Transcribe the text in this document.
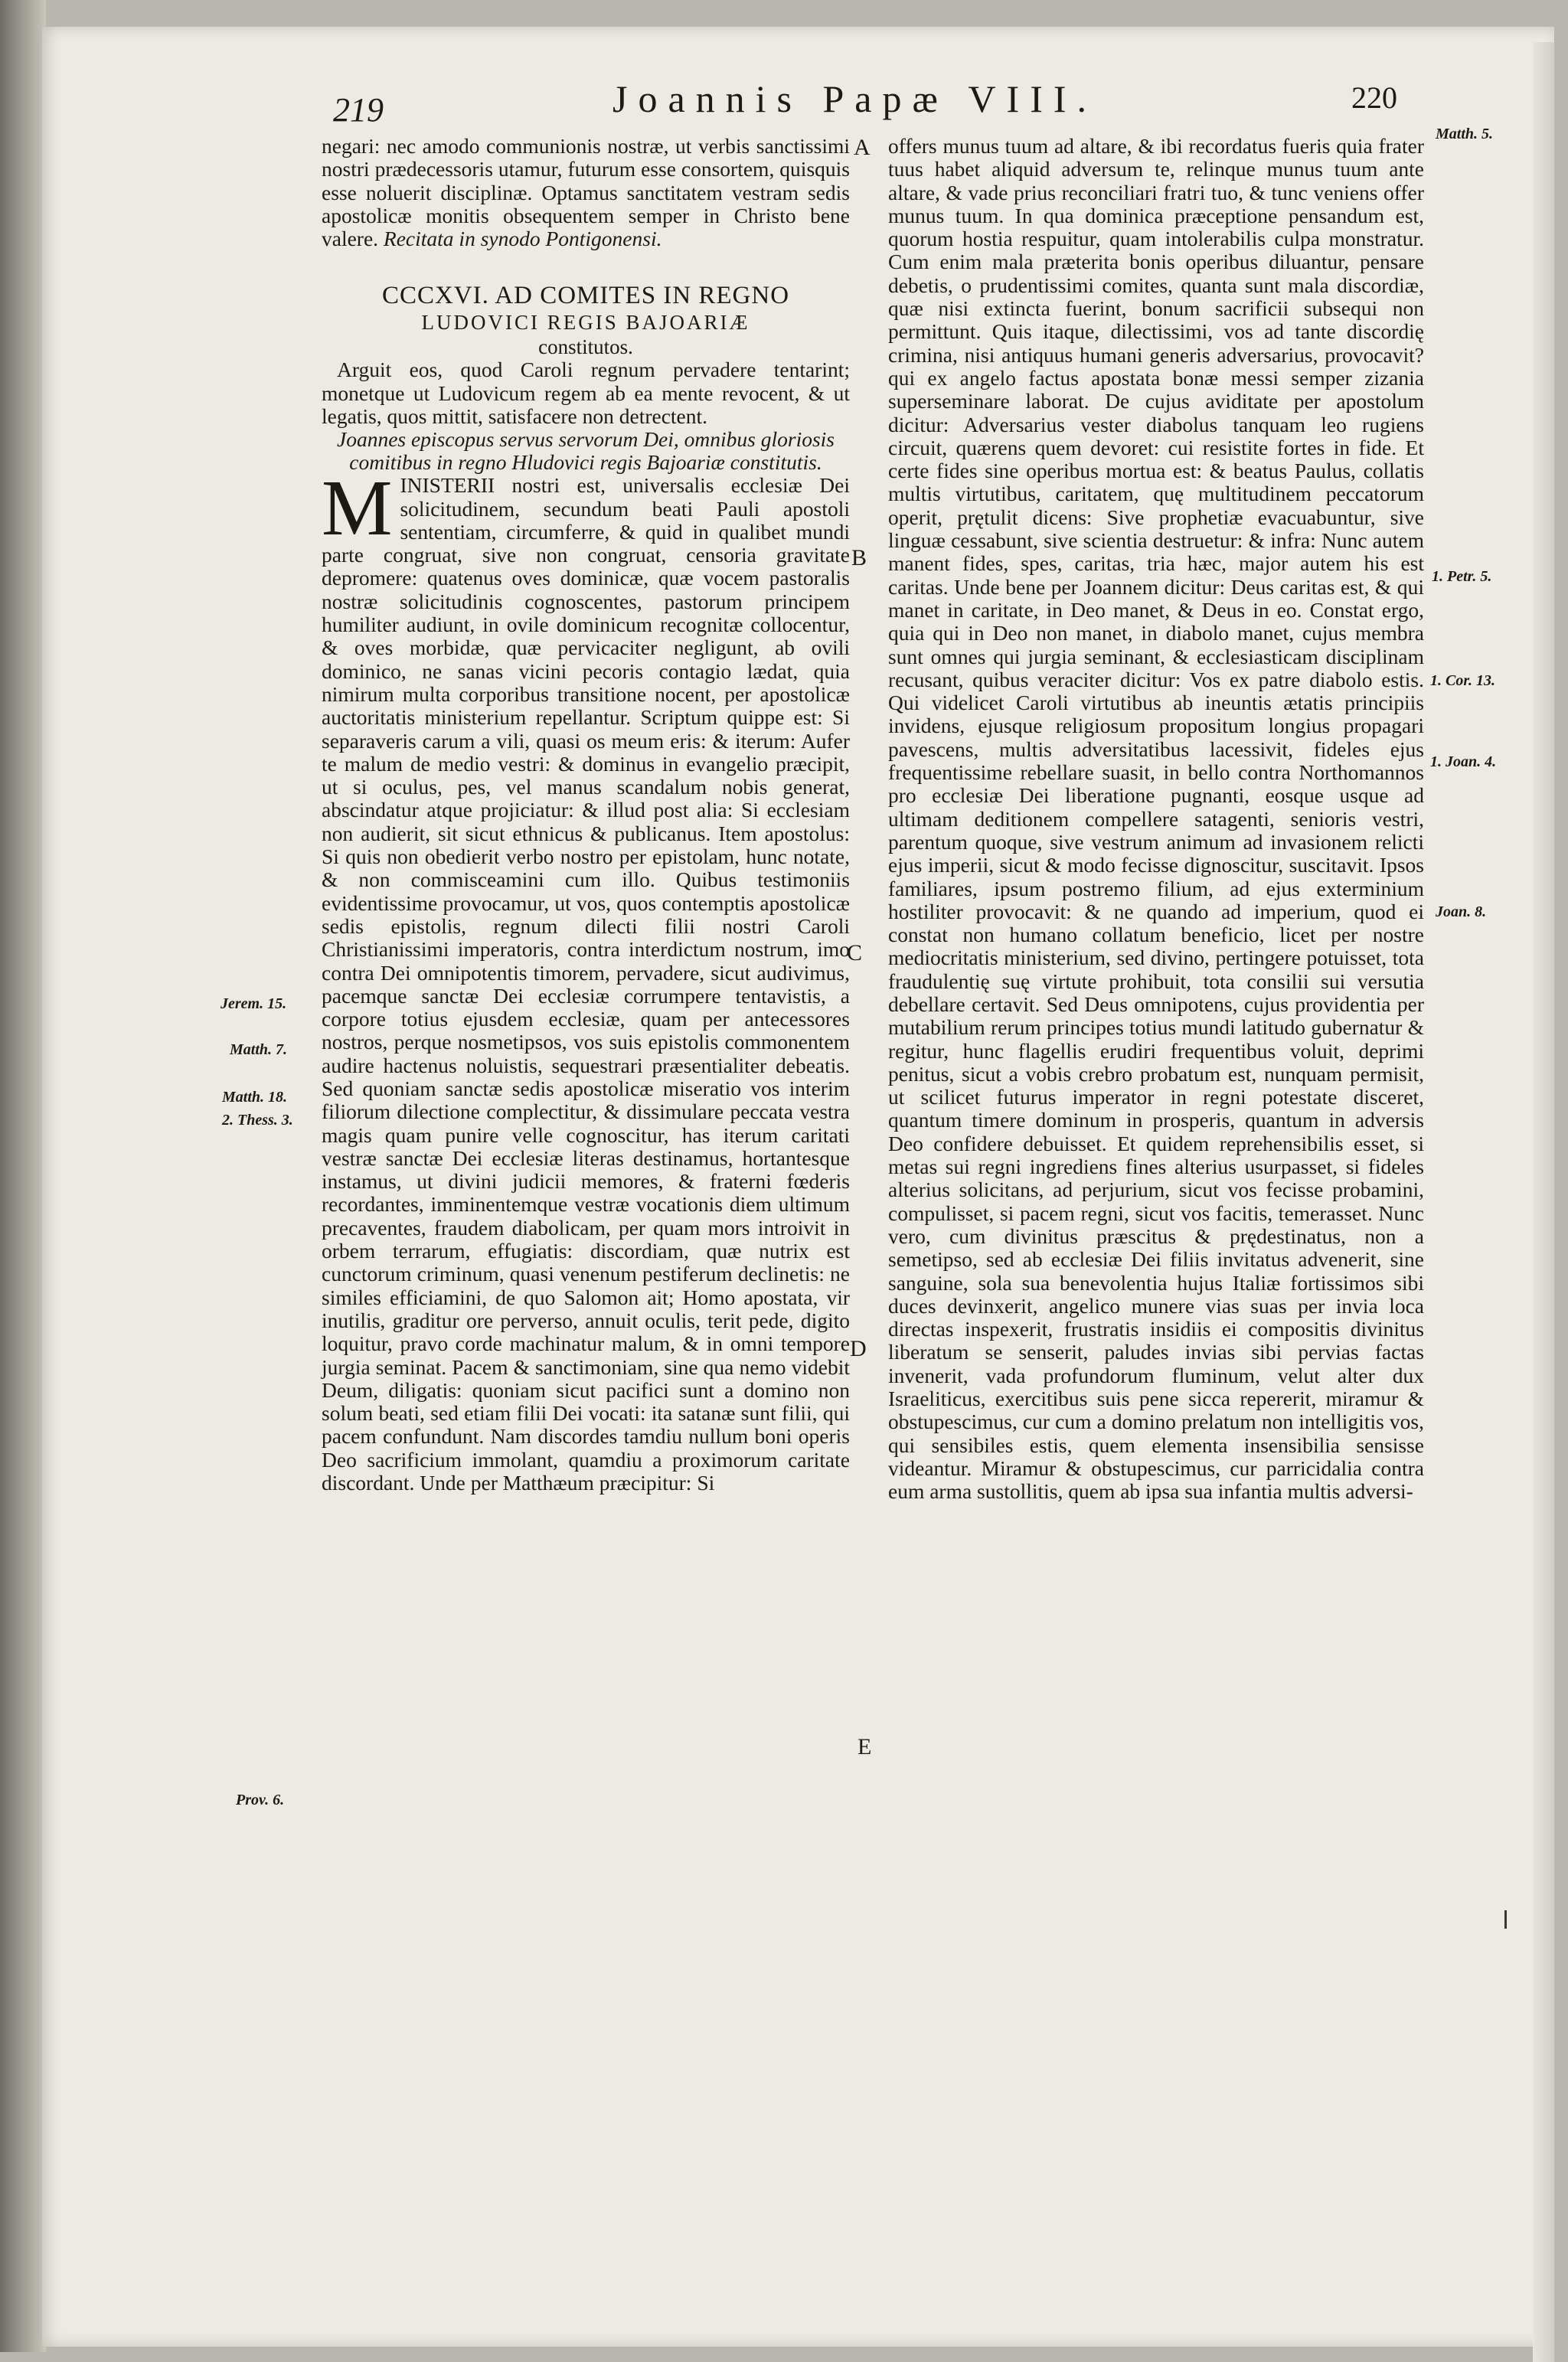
219	Joannis Papæ VIII.	220

negari: nec amodo communionis nostræ, ut verbis sanctissimi nostri prædecessoris utamur, futurum esse consortem, quisquis esse noluerit disciplinæ. Optamus sanctitatem vestram sedis apostolicæ monitis obsequentem semper in Christo bene valere. Recitata in synodo Pontigonensi.

CCCXVI. AD COMITES IN REGNO
LUDOVICI REGIS BAJOARIÆ
constitutos.

Arguit eos, quod Caroli regnum pervadere tentarint; monetque ut Ludovicum regem ab ea mente revocent, & ut legatis, quos mittit, satisfacere non detrectent.

Joannes episcopus servus servorum Dei, omnibus gloriosis comitibus in regno Hludovici regis Bajoariæ constitutis.

M INISTERII nostri est, universalis ecclesiæ Dei solicitudinem, secundum beati Pauli apostoli sententiam, circumferre, & quid in qualibet mundi parte congruat, sive non congruat, censoria gravitate depromere: quatenus oves dominicæ, quæ vocem pastoralis nostræ solicitudinis cognoscentes, pastorum principem humiliter audiunt, in ovile dominicum recognitæ collocentur, & oves morbidæ, quæ pervicaciter negligunt, ab ovili dominico, ne sanas vicini pecoris contagio lædat, quia nimirum multa corporibus transitione nocent, per apostolicæ auctoritatis ministerium repellantur. Scriptum quippe est: Si separaveris carum a vili, quasi os meum eris: & iterum: Aufer te malum de medio vestri: & dominus in evangelio præcipit, ut si oculus, pes, vel manus scandalum nobis generat, abscindatur atque projiciatur: & illud post alia: Si ecclesiam non audierit, sit sicut ethnicus & publicanus. Item apostolus: Si quis non obedierit verbo nostro per epistolam, hunc notate, & non commisceamini cum illo. Quibus testimoniis evidentissime provocamur, ut vos, quos contemptis apostolicæ sedis epistolis, regnum dilecti filii nostri Caroli Christianissimi imperatoris, contra interdictum nostrum, imo contra Dei omnipotentis timorem, pervadere, sicut audivimus, pacemque sanctæ Dei ecclesiæ corrumpere tentavistis, a corpore totius ejusdem ecclesiæ, quam per antecessores nostros, perque nosmetipsos, vos suis epistolis commonentem audire hactenus noluistis, sequestrari præsentialiter debeatis. Sed quoniam sanctæ sedis apostolicæ miseratio vos interim filiorum dilectione complectitur, & dissimulare peccata vestra magis quam punire velle cognoscitur, has iterum caritati vestræ sanctæ Dei ecclesiæ literas destinamus, hortantesque instamus, ut divini judicii memores, & fraterni fœderis recordantes, imminentemque vestræ vocationis diem ultimum precaventes, fraudem diabolicam, per quam mors introivit in orbem terrarum, effugiatis: discordiam, quæ nutrix est cunctorum criminum, quasi venenum pestiferum declinetis: ne similes efficiamini, de quo Salomon ait; Homo apostata, vir inutilis, graditur ore perverso, annuit oculis, terit pede, digito loquitur, pravo corde machinatur malum, & in omni tempore jurgia seminat. Pacem & sanctimoniam, sine qua nemo videbit Deum, diligatis: quoniam sicut pacifici sunt a domino non solum beati, sed etiam filii Dei vocati: ita satanæ sunt filii, qui pacem confundunt. Nam discordes tamdiu nullum boni operis Deo sacrificium immolant, quamdiu a proximorum caritate discordant. Unde per Matthæum præcipitur: Si

offers munus tuum ad altare, & ibi recordatus fueris quia frater tuus habet aliquid adversum te, relinque munus tuum ante altare, & vade prius reconciliari fratri tuo, & tunc veniens offer munus tuum. In qua dominica præceptione pensandum est, quorum hostia respuitur, quam intolerabilis culpa monstratur. Cum enim mala præterita bonis operibus diluantur, pensare debetis, o prudentissimi comites, quanta sunt mala discordiæ, quæ nisi extincta fuerint, bonum sacrificii subsequi non permittunt. Quis itaque, dilectissimi, vos ad tante discordię crimina, nisi antiquus humani generis adversarius, provocavit? qui ex angelo factus apostata bonæ messi semper zizania superseminare laborat. De cujus aviditate per apostolum dicitur: Adversarius vester diabolus tanquam leo rugiens circuit, quærens quem devoret: cui resistite fortes in fide. Et certe fides sine operibus mortua est: & beatus Paulus, collatis multis virtutibus, caritatem, quę multitudinem peccatorum operit, prętulit dicens: Sive prophetiæ evacuabuntur, sive linguæ cessabunt, sive scientia destruetur: & infra: Nunc autem manent fides, spes, caritas, tria hæc, major autem his est caritas. Unde bene per Joannem dicitur: Deus caritas est, & qui manet in caritate, in Deo manet, & Deus in eo. Constat ergo, quia qui in Deo non manet, in diabolo manet, cujus membra sunt omnes qui jurgia seminant, & ecclesiasticam disciplinam recusant, quibus veraciter dicitur: Vos ex patre diabolo estis. Qui videlicet Caroli virtutibus ab ineuntis ætatis principiis invidens, ejusque religiosum propositum longius propagari pavescens, multis adversitatibus lacessivit, fideles ejus frequentissime rebellare suasit, in bello contra Northomannos pro ecclesiæ Dei liberatione pugnanti, eosque usque ad ultimam deditionem compellere satagenti, senioris vestri, parentum quoque, sive vestrum animum ad invasionem relicti ejus imperii, sicut & modo fecisse dignoscitur, suscitavit. Ipsos familiares, ipsum postremo filium, ad ejus exterminium hostiliter provocavit: & ne quando ad imperium, quod ei constat non humano collatum beneficio, licet per nostre mediocritatis ministerium, sed divino, pertingere potuisset, tota fraudulentię suę virtute prohibuit, tota consilii sui versutia debellare certavit. Sed Deus omnipotens, cujus providentia per mutabilium rerum principes totius mundi latitudo gubernatur & regitur, hunc flagellis erudiri frequentibus voluit, deprimi penitus, sicut a vobis crebro probatum est, nunquam permisit, ut scilicet futurus imperator in regni potestate disceret, quantum timere dominum in prosperis, quantum in adversis Deo confidere debuisset. Et quidem reprehensibilis esset, si metas sui regni ingrediens fines alterius usurpasset, si fideles alterius solicitans, ad perjurium, sicut vos fecisse probamini, compulisset, si pacem regni, sicut vos facitis, temerasset. Nunc vero, cum divinitus præscitus & prędestinatus, non a semetipso, sed ab ecclesiæ Dei filiis invitatus advenerit, sine sanguine, sola sua benevolentia hujus Italiæ fortissimos sibi duces devinxerit, angelico munere vias suas per invia loca directas inspexerit, frustratis insidiis ei compositis divinitus liberatum se senserit, paludes invias sibi pervias factas invenerit, vada profundorum fluminum, velut alter dux Israeliticus, exercitibus suis pene sicca repererit, miramur & obstupescimus, cur cum a domino prelatum non intelligitis vos, qui sensibiles estis, quem elementa insensibilia sensisse videantur. Miramur & obstupescimus, cur parricidalia contra eum arma sustollitis, quem ab ipsa sua infantia multis adversi-

A
B
C
D
E
Jerem. 15.
Matth. 7.
Matth. 18.
2. Thess. 3.
Prov. 6.
Matth. 5.
1. Petr. 5.
1. Cor. 13.
1. Joan. 4.
Joan. 8.
